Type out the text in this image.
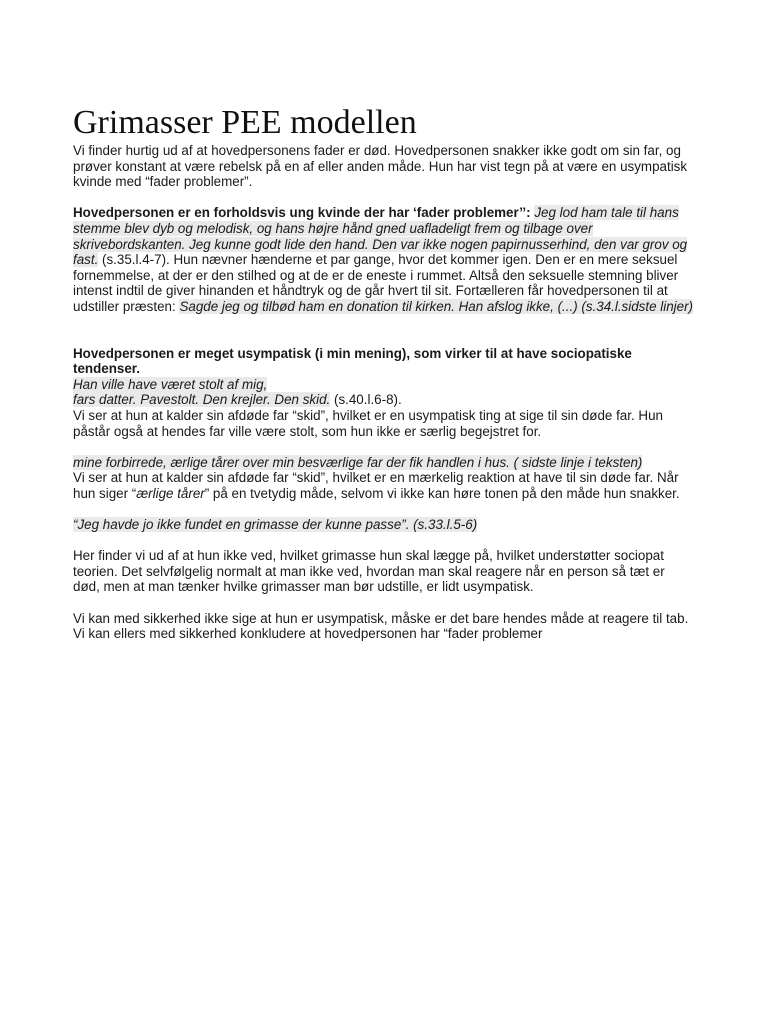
Grimasser PEE modellen

Vi finder hurtig ud af at hovedpersonens fader er død. Hovedpersonen snakker ikke godt om sin far, og prøver konstant at være rebelsk på en af eller anden måde. Hun har vist tegn på at være en usympatisk kvinde med “fader problemer”.

Hovedpersonen er en forholdsvis ung kvinde der har ‘fader problemer’’: Jeg lod ham tale til hans stemme blev dyb og melodisk, og hans højre hånd gned uafladeligt frem og tilbage over skrivebordskanten. Jeg kunne godt lide den hand. Den var ikke nogen papirnusserhind, den var grov og fast. (s.35.l.4-7). Hun nævner hænderne et par gange, hvor det kommer igen. Den er en mere seksuel fornemmelse, at der er den stilhed og at de er de eneste i rummet. Altså den seksuelle stemning bliver intenst indtil de giver hinanden et håndtryk og de går hvert til sit. Fortælleren får hovedpersonen til at udstiller præsten: Sagde jeg og tilbød ham en donation til kirken. Han afslog ikke, (...) (s.34.l.sidste linjer)

Hovedpersonen er meget usympatisk (i min mening), som virker til at have sociopatiske tendenser.

Han ville have været stolt af mig,

fars datter. Pavestolt. Den krejler. Den skid. (s.40.l.6-8).

Vi ser at hun at kalder sin afdøde far “skid”, hvilket er en usympatisk ting at sige til sin døde far. Hun påstår også at hendes far ville være stolt, som hun ikke er særlig begejstret for.

mine forbirrede, ærlige tårer over min besværlige far der fik handlen i hus. ( sidste linje i teksten)

Vi ser at hun at kalder sin afdøde far “skid”, hvilket er en mærkelig reaktion at have til sin døde far. Når hun siger “ærlige tårer” på en tvetydig måde, selvom vi ikke kan høre tonen på den måde hun snakker.

“Jeg havde jo ikke fundet en grimasse der kunne passe”. (s.33.l.5-6)

Her finder vi ud af at hun ikke ved, hvilket grimasse hun skal lægge på, hvilket understøtter sociopat teorien. Det selvfølgelig normalt at man ikke ved, hvordan man skal reagere når en person så tæt er død, men at man tænker hvilke grimasser man bør udstille, er lidt usympatisk.

Vi kan med sikkerhed ikke sige at hun er usympatisk, måske er det bare hendes måde at reagere til tab.

Vi kan ellers med sikkerhed konkludere at hovedpersonen har “fader problemer
